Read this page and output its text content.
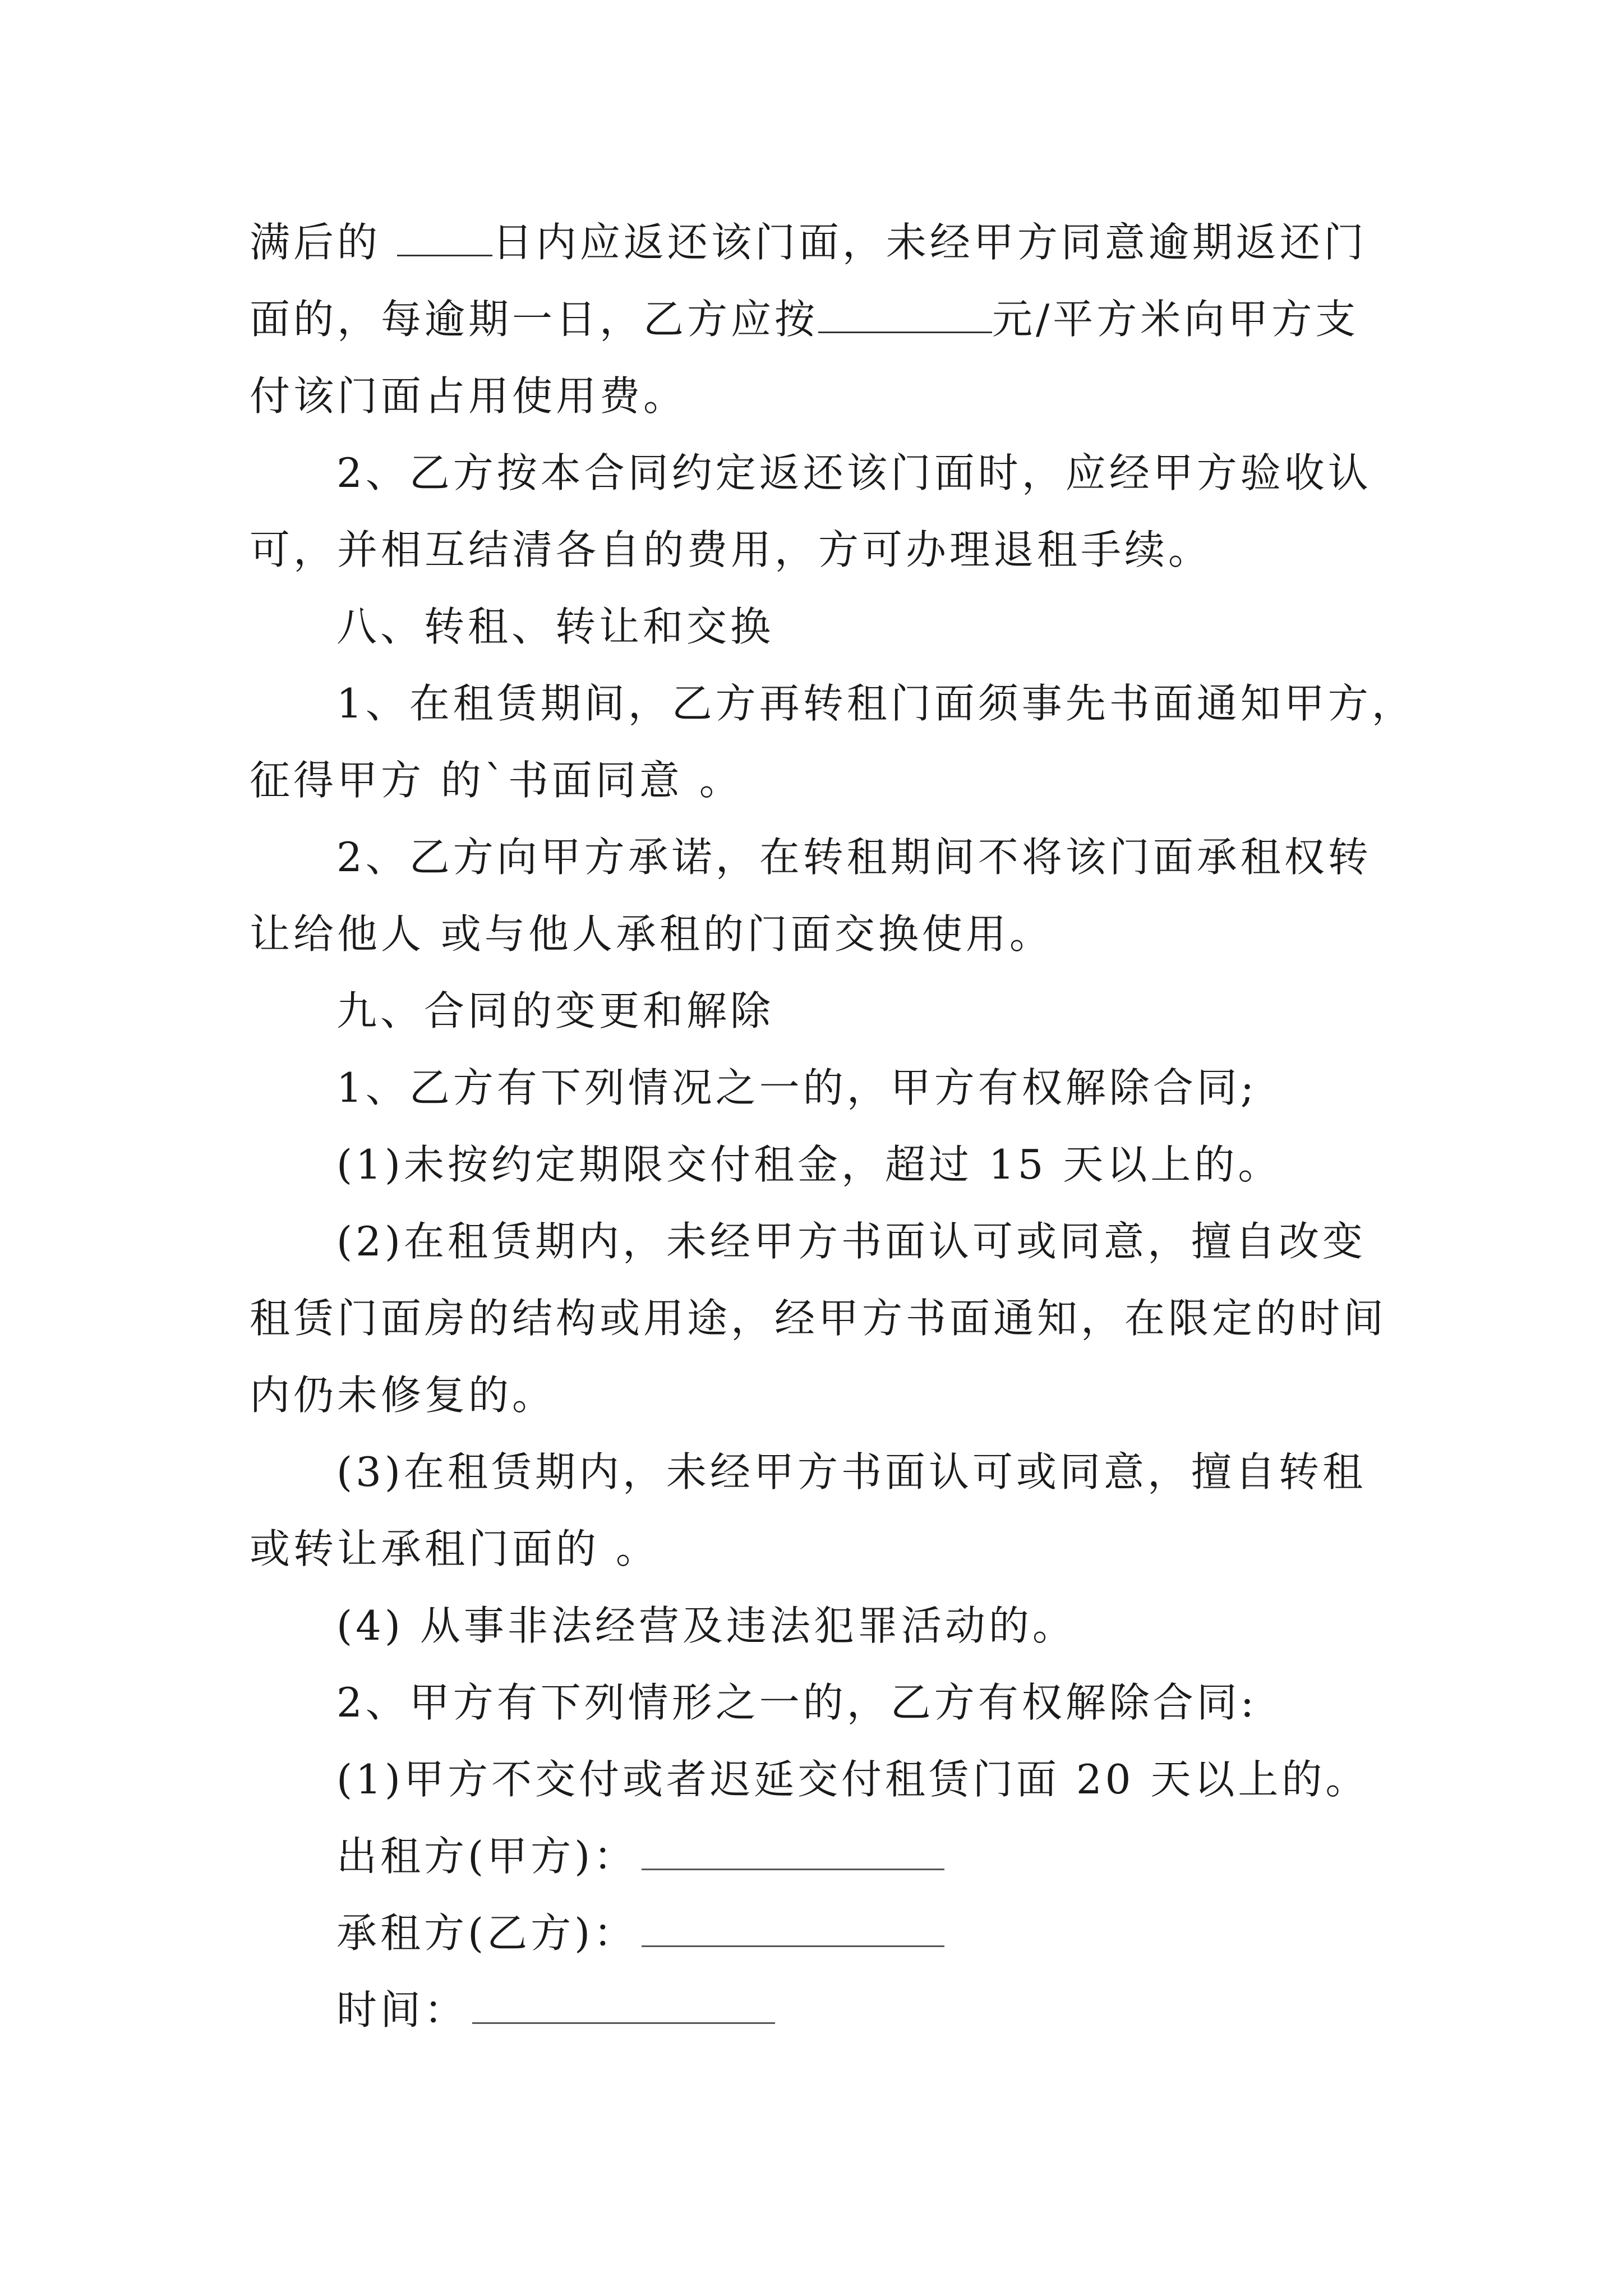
满后的 日内应返还该门面，未经甲方同意逾期返还门
面的，每逾期一日，乙方应按	元/平方米向甲方支
付该门面占用使用费。
2、乙方按本合同约定返还该门面时，应经甲方验收认
可，并相互结清各自的费用，方可办理退租手续。
八、转租、转让和交换
1、在租赁期间，乙方再转租门面须事先书面通知甲方，
征得甲方 的`书面同意 。
2、乙方向甲方承诺，在转租期间不将该门面承租权转
让给他人 或与他人承租的门面交换使用。
九、合同的变更和解除
1、乙方有下列情况之一的，甲方有权解除合同;
(1)未按约定期限交付租金，超过 15 天以上的。
(2)在租赁期内，未经甲方书面认可或同意，擅自改变
租赁门面房的结构或用途，经甲方书面通知，在限定的时间
内仍未修复的。
(3)在租赁期内，未经甲方书面认可或同意，擅自转租
或转让承租门面的 。
(4) 从事非法经营及违法犯罪活动的。
2、甲方有下列情形之一的，乙方有权解除合同:
(1)甲方不交付或者迟延交付租赁门面 20 天以上的。
出租方(甲方)：
承租方(乙方)：
时间：
